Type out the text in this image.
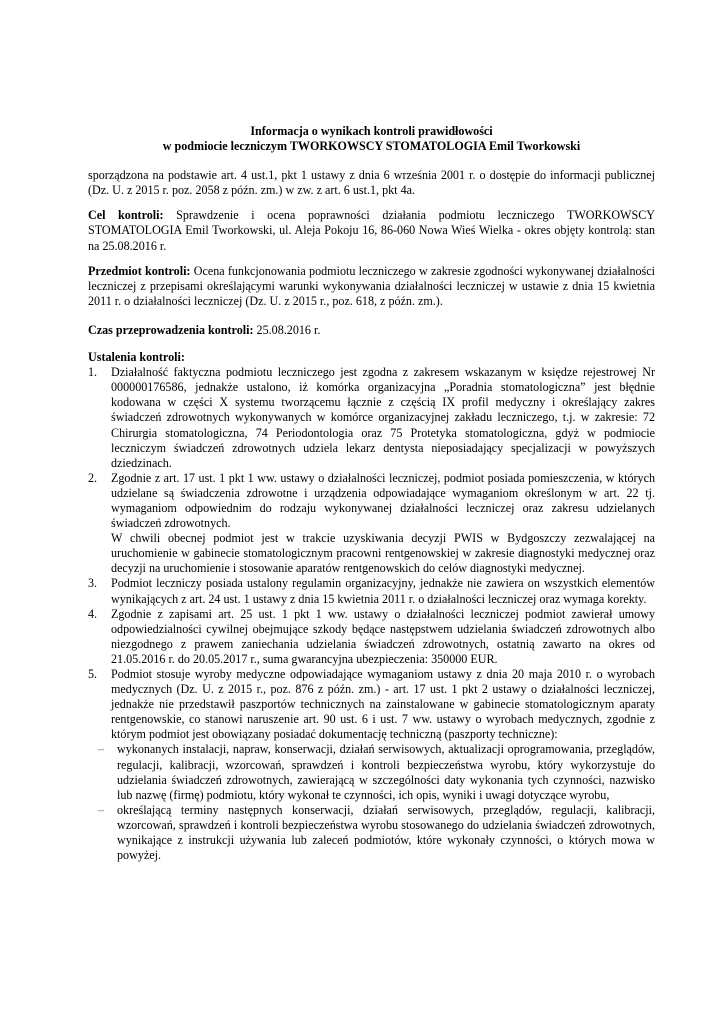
Informacja o wynikach kontroli prawidłowości
w podmiocie leczniczym TWORKOWSCY STOMATOLOGIA Emil Tworkowski

sporządzona na podstawie art. 4 ust.1, pkt 1 ustawy z dnia 6 września 2001 r. o dostępie do informacji publicznej (Dz. U. z 2015 r. poz. 2058 z późn. zm.) w zw. z art. 6 ust.1, pkt 4a.

Cel kontroli: Sprawdzenie i ocena poprawności działania podmiotu leczniczego TWORKOWSCY STOMATOLOGIA Emil Tworkowski, ul. Aleja Pokoju 16, 86-060 Nowa Wieś Wielka - okres objęty kontrolą: stan na 25.08.2016 r.

Przedmiot kontroli: Ocena funkcjonowania podmiotu leczniczego w zakresie zgodności wykonywanej działalności leczniczej z przepisami określającymi warunki wykonywania działalności leczniczej w ustawie z dnia 15 kwietnia 2011 r. o działalności leczniczej (Dz. U. z 2015 r., poz. 618, z późn. zm.).

Czas przeprowadzenia kontroli: 25.08.2016 r.

Ustalenia kontroli:

1. Działalność faktyczna podmiotu leczniczego jest zgodna z zakresem wskazanym w księdze rejestrowej Nr 000000176586, jednakże ustalono, iż komórka organizacyjna „Poradnia stomatologiczna” jest błędnie kodowana w części X systemu tworzącemu łącznie z częścią IX profil medyczny i określający zakres świadczeń zdrowotnych wykonywanych w komórce organizacyjnej zakładu leczniczego, t.j. w zakresie: 72 Chirurgia stomatologiczna, 74 Periodontologia oraz 75 Protetyka stomatologiczna, gdyż w podmiocie leczniczym świadczeń zdrowotnych udziela lekarz dentysta nieposiadający specjalizacji w powyższych dziedzinach.
2. Zgodnie z art. 17 ust. 1 pkt 1 ww. ustawy o działalności leczniczej, podmiot posiada pomieszczenia, w których udzielane są świadczenia zdrowotne i urządzenia odpowiadające wymaganiom określonym w art. 22 tj. wymaganiom odpowiednim do rodzaju wykonywanej działalności leczniczej oraz zakresu udzielanych świadczeń zdrowotnych.

W chwili obecnej podmiot jest w trakcie uzyskiwania decyzji PWIS w Bydgoszczy zezwalającej na uruchomienie w gabinecie stomatologicznym pracowni rentgenowskiej w zakresie diagnostyki medycznej oraz decyzji na uruchomienie i stosowanie aparatów rentgenowskich do celów diagnostyki medycznej.

3. Podmiot leczniczy posiada ustalony regulamin organizacyjny, jednakże nie zawiera on wszystkich elementów wynikających z art. 24 ust. 1 ustawy z dnia 15 kwietnia 2011 r. o działalności leczniczej oraz wymaga korekty.
4. Zgodnie z zapisami art. 25 ust. 1 pkt 1 ww. ustawy o działalności leczniczej podmiot zawierał umowy odpowiedzialności cywilnej obejmujące szkody będące następstwem udzielania świadczeń zdrowotnych albo niezgodnego z prawem zaniechania udzielania świadczeń zdrowotnych, ostatnią zawarto na okres od 21.05.2016 r. do 20.05.2017 r., suma gwarancyjna ubezpieczenia: 350000 EUR.
5. Podmiot stosuje wyroby medyczne odpowiadające wymaganiom ustawy z dnia 20 maja 2010 r. o wyrobach medycznych (Dz. U. z 2015 r., poz. 876 z późn. zm.) - art. 17 ust. 1 pkt 2 ustawy o działalności leczniczej, jednakże nie przedstawił paszportów technicznych na zainstalowane w gabinecie stomatologicznym aparaty rentgenowskie, co stanowi naruszenie art. 90 ust. 6 i ust. 7 ww. ustawy o wyrobach medycznych, zgodnie z którym podmiot jest obowiązany posiadać dokumentację techniczną (paszporty techniczne):
– wykonanych instalacji, napraw, konserwacji, działań serwisowych, aktualizacji oprogramowania, przeglądów, regulacji, kalibracji, wzorcowań, sprawdzeń i kontroli bezpieczeństwa wyrobu, który wykorzystuje do udzielania świadczeń zdrowotnych, zawierającą w szczególności daty wykonania tych czynności, nazwisko lub nazwę (firmę) podmiotu, który wykonał te czynności, ich opis, wyniki i uwagi dotyczące wyrobu,
– określającą terminy następnych konserwacji, działań serwisowych, przeglądów, regulacji, kalibracji, wzorcowań, sprawdzeń i kontroli bezpieczeństwa wyrobu stosowanego do udzielania świadczeń zdrowotnych, wynikające z instrukcji używania lub zaleceń podmiotów, które wykonały czynności, o których mowa w powyżej.
